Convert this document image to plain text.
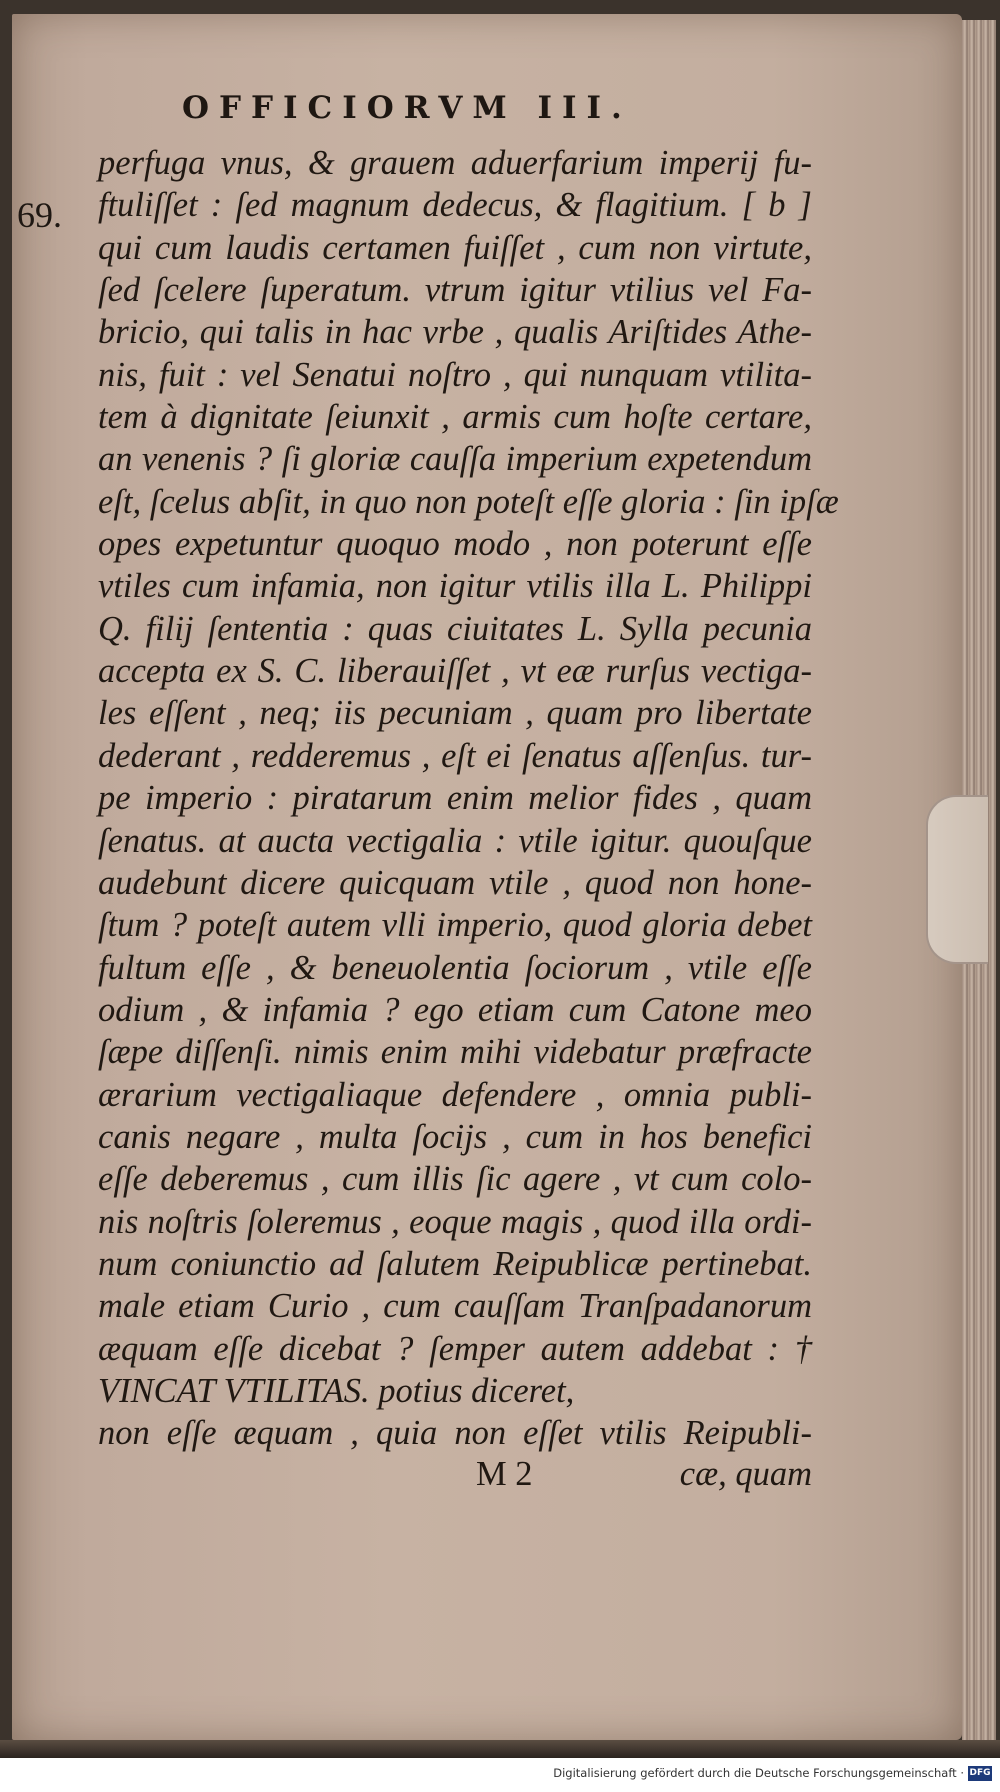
OFFICIORVM III.
69.
perfuga vnus, & grauem aduerfarium imperij fu-
ftuliſſet : ſed magnum dedecus, & flagitium. [ b ]
qui cum laudis certamen fuiſſet , cum non virtute,
ſed ſcelere ſuperatum. vtrum igitur vtilius vel Fa-
bricio, qui talis in hac vrbe , qualis Ariſtides Athe-
nis, fuit : vel Senatui noſtro , qui nunquam vtilita-
tem à dignitate ſeiunxit , armis cum hoſte certare,
an venenis ? ſi gloriæ cauſſa imperium expetendum
eſt, ſcelus abſit, in quo non poteſt eſſe gloria : ſin ipſæ
opes expetuntur quoquo modo , non poterunt eſſe
vtiles cum infamia, non igitur vtilis illa L. Philippi
Q. filij ſententia : quas ciuitates L. Sylla pecunia
accepta ex S. C. liberauiſſet , vt eæ rurſus vectiga-
les eſſent , neq; iis pecuniam , quam pro libertate
dederant , redderemus , eſt ei ſenatus aſſenſus. tur-
pe imperio : piratarum enim melior fides , quam
ſenatus. at aucta vectigalia : vtile igitur. quouſque
audebunt dicere quicquam vtile , quod non hone-
ſtum ? poteſt autem vlli imperio, quod gloria debet
fultum eſſe , & beneuolentia ſociorum , vtile eſſe
odium , & infamia ? ego etiam cum Catone meo
ſæpe diſſenſi. nimis enim mihi videbatur præfracte
ærarium vectigaliaque defendere , omnia publi-
canis negare , multa ſocijs , cum in hos benefici
eſſe deberemus , cum illis ſic agere , vt cum colo-
nis noſtris ſoleremus , eoque magis , quod illa ordi-
num coniunctio ad ſalutem Reipublicæ pertinebat.
male etiam Curio , cum cauſſam Tranſpadanorum
æquam eſſe dicebat ? ſemper autem addebat : †
VINCAT VTILITAS. potius diceret,
non eſſe æquam , quia non eſſet vtilis Reipubli-
M 2	cæ, quam
Digitalisierung gefördert durch die Deutsche Forschungsgemeinschaft · DFG
